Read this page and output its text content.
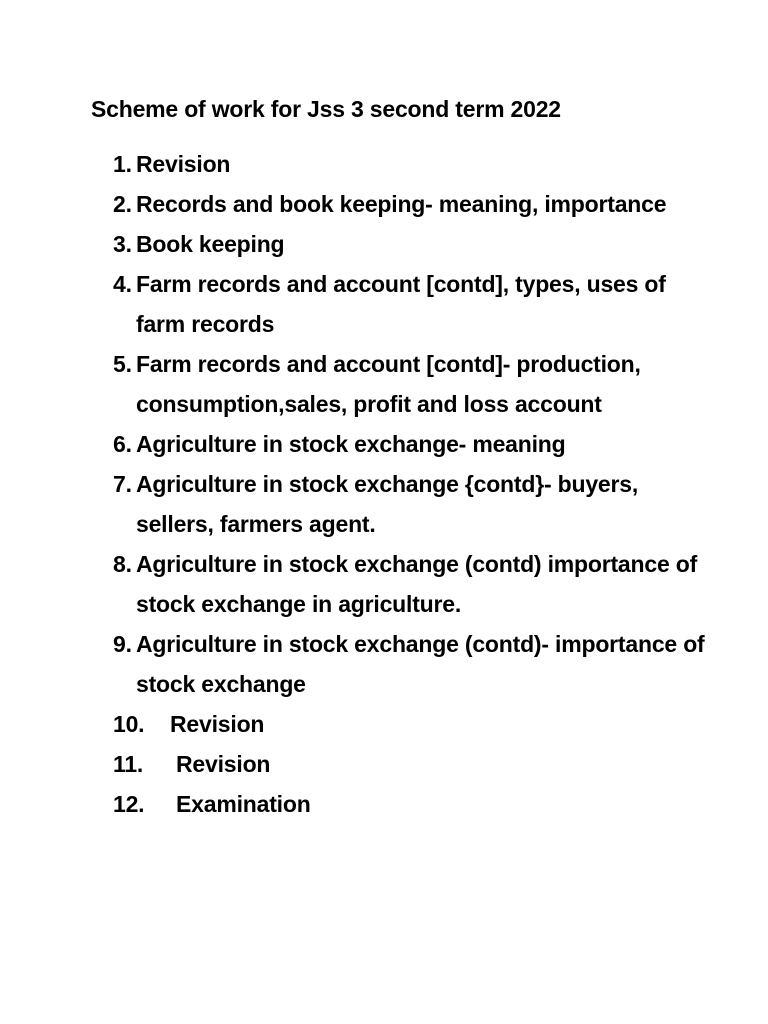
Scheme of work for Jss 3 second term 2022
1. Revision
2. Records and book keeping- meaning, importance
3. Book keeping
4. Farm records and account [contd], types, uses of farm records
5. Farm records and account [contd]- production, consumption,sales, profit and loss account
6. Agriculture in stock exchange- meaning
7. Agriculture in stock exchange {contd}- buyers, sellers, farmers agent.
8. Agriculture in stock exchange (contd) importance of stock exchange in agriculture.
9. Agriculture in stock exchange (contd)- importance of stock exchange
10.	Revision
11.	Revision
12.	Examination
